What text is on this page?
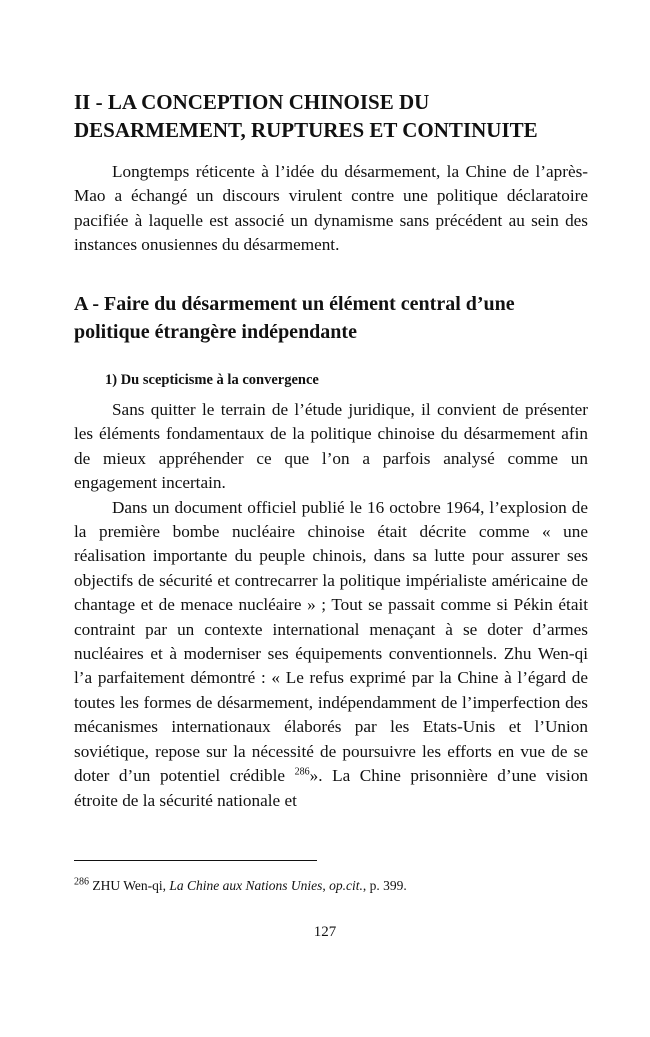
II - LA CONCEPTION CHINOISE DU
DESARMEMENT, RUPTURES ET CONTINUITE

Longtemps réticente à l’idée du désarmement, la Chine de l’après-Mao a échangé un discours virulent contre une politique déclaratoire pacifiée à laquelle est associé un dynamisme sans précédent au sein des instances onusiennes du désarmement.

A - Faire du désarmement un élément central d’une
politique étrangère indépendante
1) Du scepticisme à la convergence

Sans quitter le terrain de l’étude juridique, il convient de présenter les éléments fondamentaux de la politique chinoise du désarmement afin de mieux appréhender ce que l’on a parfois analysé comme un engagement incertain.

Dans un document officiel publié le 16 octobre 1964, l’explosion de la première bombe nucléaire chinoise était décrite comme « une réalisation importante du peuple chinois, dans sa lutte pour assurer ses objectifs de sécurité et contrecarrer la politique impérialiste américaine de chantage et de menace nucléaire » ; Tout se passait comme si Pékin était contraint par un contexte international menaçant à se doter d’armes nucléaires et à moderniser ses équipements conventionnels. Zhu Wen-qi l’a parfaitement démontré : « Le refus exprimé par la Chine à l’égard de toutes les formes de désarmement, indépendamment de l’imperfection des mécanismes internationaux élaborés par les Etats-Unis et l’Union soviétique, repose sur la nécessité de poursuivre les efforts en vue de se doter d’un potentiel crédible $^{286}$». La Chine prisonnière d’une vision étroite de la sécurité nationale et

$^{286}$ ZHU Wen-qi, La Chine aux Nations Unies, op.cit., p. 399.

127
